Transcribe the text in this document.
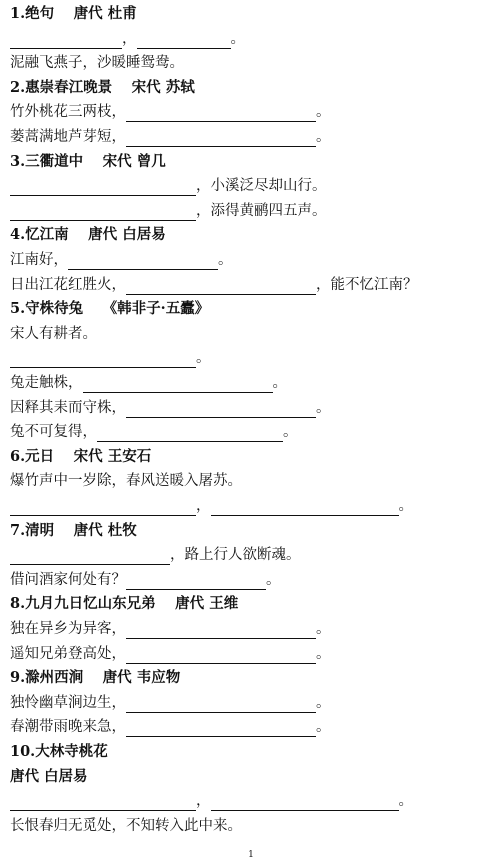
1
1.绝句　 唐代 杜甫
，	。
泥融飞燕子，沙暖睡鸳鸯。
2.惠崇春江晚景　 宋代 苏轼
竹外桃花三两枝，	。
蒌蒿满地芦芽短，	。
3.三衢道中　 宋代 曾几
，小溪泛尽却山行。
，添得黄鹂四五声。
4.忆江南　 唐代 白居易
江南好，	。
日出江花红胜火，	，能不忆江南？
5.守株待兔　 《韩非子·五蠹》
宋人有耕者。
。
兔走触株，	。
因释其耒而守株，	。
兔不可复得，	。
6.元日　 宋代 王安石
爆竹声中一岁除，春风送暖入屠苏。
，	。
7.清明　 唐代 杜牧
，路上行人欲断魂。
借问酒家何处有？	。
8.九月九日忆山东兄弟　 唐代 王维
独在异乡为异客，	。
遥知兄弟登高处，	。
9.滁州西涧　 唐代 韦应物
独怜幽草涧边生，	。
春潮带雨晚来急，	。
10.大林寺桃花
唐代 白居易
，	。
长恨春归无觅处，不知转入此中来。
